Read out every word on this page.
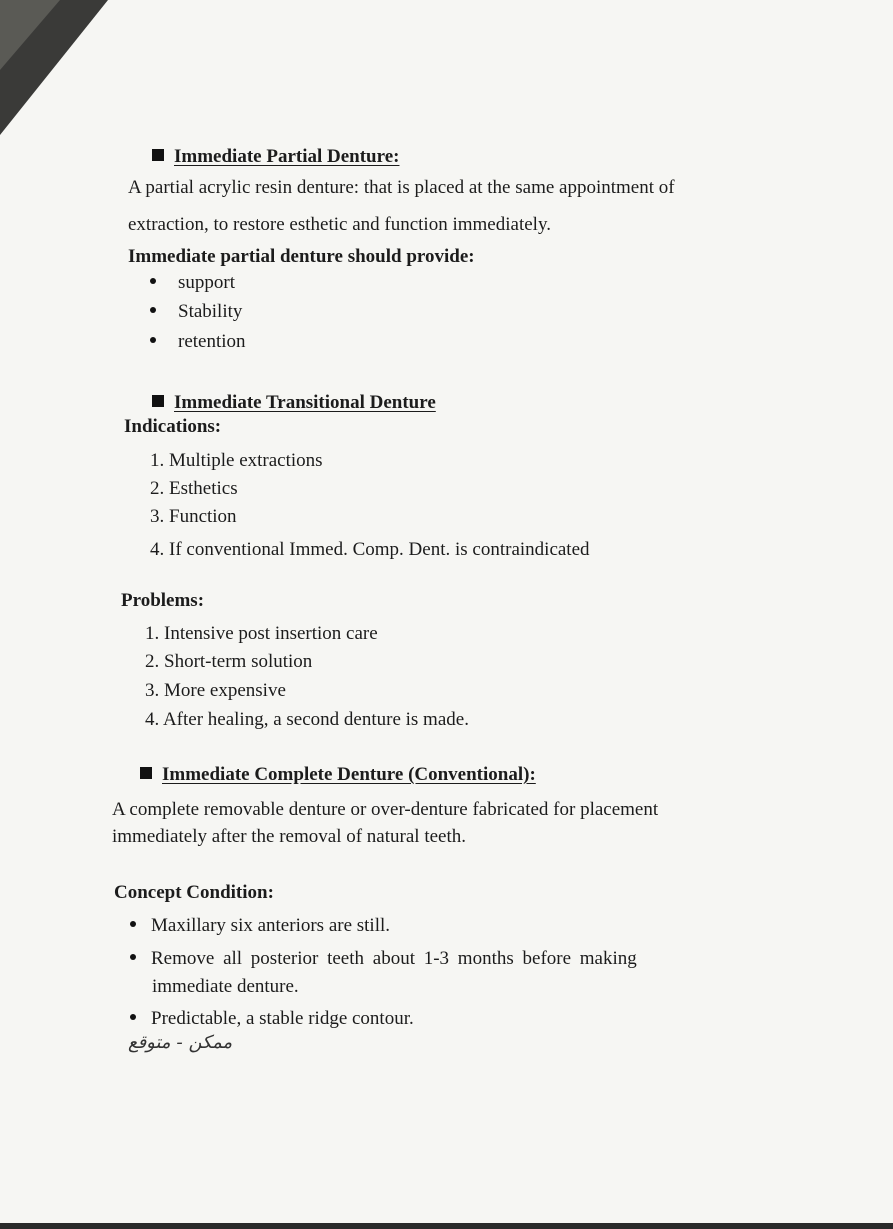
Immediate Partial Denture:
A partial acrylic resin denture: that is placed at the same appointment of
extraction, to restore esthetic and function immediately.
Immediate partial denture should provide:
support
Stability
retention
Immediate Transitional Denture
Indications:
1. Multiple extractions
2. Esthetics
3. Function
4. If conventional Immed. Comp. Dent. is contraindicated
Problems:
1. Intensive post insertion care
2. Short-term solution
3. More expensive
4. After healing, a second denture is made.
Immediate Complete Denture (Conventional):
A complete removable denture or over-denture fabricated for placement
immediately after the removal of natural teeth.
Concept Condition:
Maxillary six anteriors are still.
Remove all posterior teeth about 1-3 months before making
immediate denture.
Predictable, a stable ridge contour.
ممكن - متوقع
